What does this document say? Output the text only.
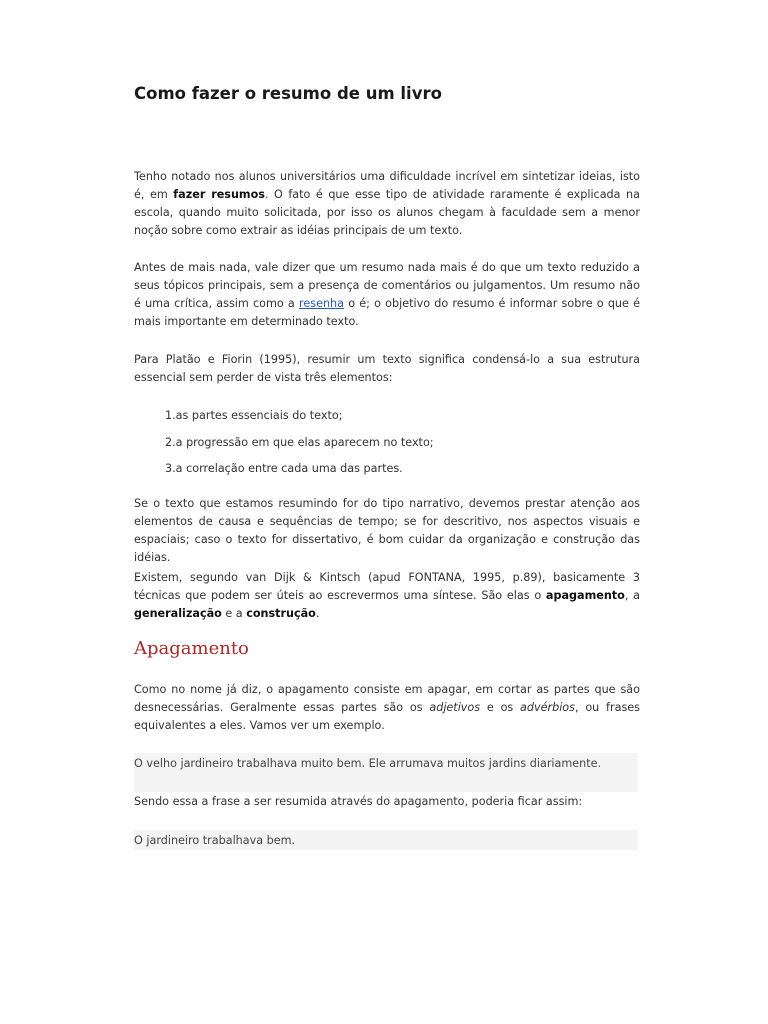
Como fazer o resumo de um livro

Tenho notado nos alunos universitários uma dificuldade incrível em sintetizar ideias, isto é, em fazer resumos. O fato é que esse tipo de atividade raramente é explicada na escola, quando muito solicitada, por isso os alunos chegam à faculdade sem a menor noção sobre como extrair as idéias principais de um texto.

Antes de mais nada, vale dizer que um resumo nada mais é do que um texto reduzido a seus tópicos principais, sem a presença de comentários ou julgamentos. Um resumo não é uma crítica, assim como a resenha o é; o objetivo do resumo é informar sobre o que é mais importante em determinado texto.

Para Platão e Fiorin (1995), resumir um texto significa condensá-lo a sua estrutura essencial sem perder de vista três elementos:

1.as partes essenciais do texto;
2.a progressão em que elas aparecem no texto;
3.a correlação entre cada uma das partes.

Se o texto que estamos resumindo for do tipo narrativo, devemos prestar atenção aos elementos de causa e sequências de tempo; se for descritivo, nos aspectos visuais e espaciais; caso o texto for dissertativo, é bom cuidar da organização e construção das idéias.

Existem, segundo van Dijk & Kintsch (apud FONTANA, 1995, p.89), basicamente 3 técnicas que podem ser úteis ao escrevermos uma síntese. São elas o apagamento, a generalização e a construção.

Apagamento

Como no nome já diz, o apagamento consiste em apagar, em cortar as partes que são desnecessárias. Geralmente essas partes são os adjetivos e os advérbios, ou frases equivalentes a eles. Vamos ver um exemplo.

O velho jardineiro trabalhava muito bem. Ele arrumava muitos jardins diariamente.

Sendo essa a frase a ser resumida através do apagamento, poderia ficar assim:

O jardineiro trabalhava bem.
